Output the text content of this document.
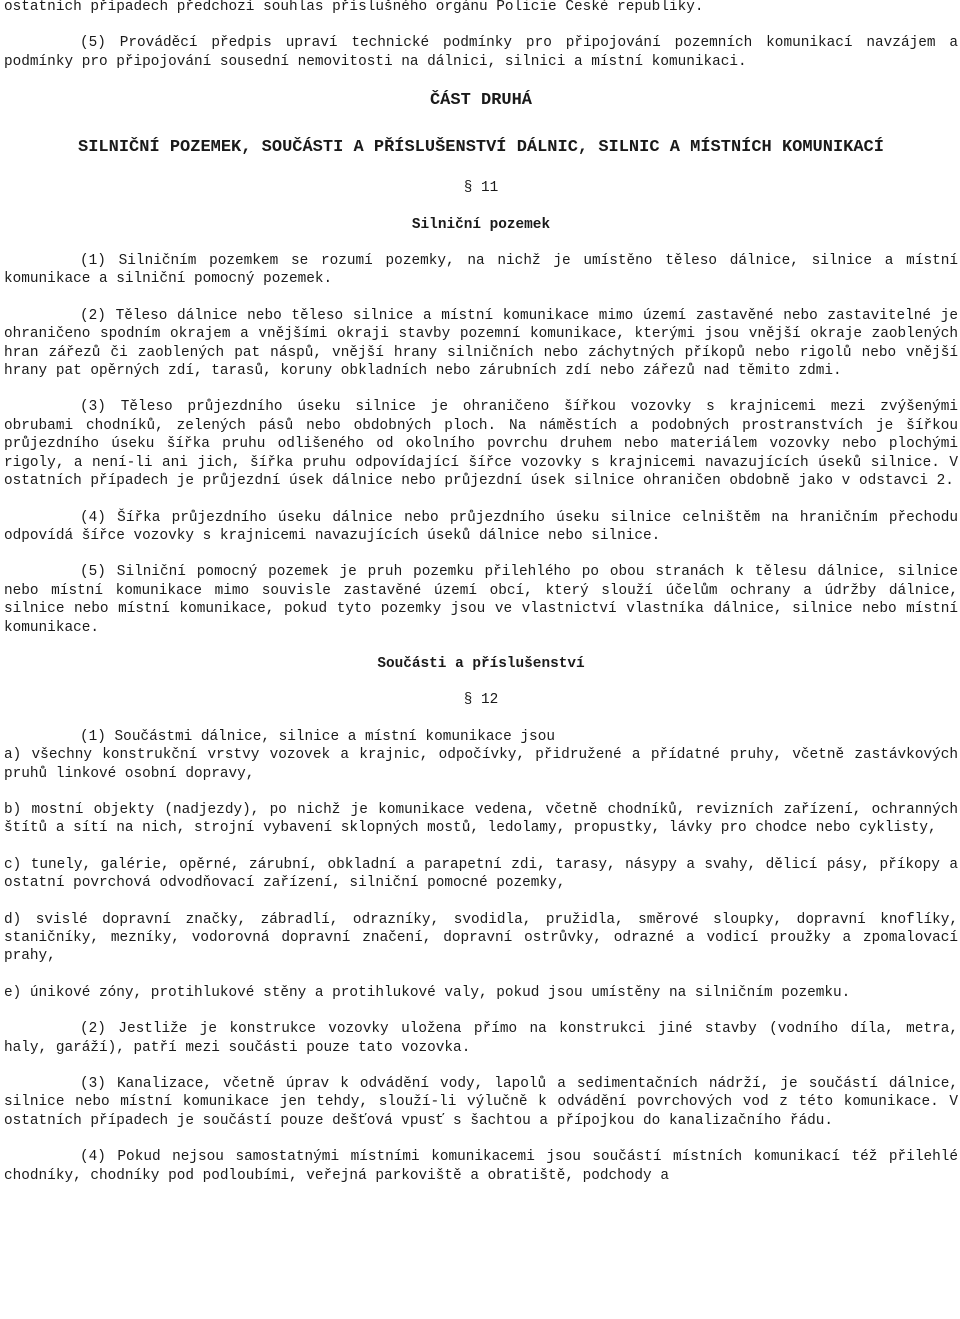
ostatních případech předchozí souhlas příslušného orgánu Policie České republiky.

(5) Prováděcí předpis upraví technické podmínky pro připojování pozemních komunikací navzájem a podmínky pro připojování sousední nemovitosti na dálnici, silnici a místní komunikaci.

ČÁST DRUHÁ
SILNIČNÍ POZEMEK, SOUČÁSTI A PŘÍSLUŠENSTVÍ DÁLNIC, SILNIC A MÍSTNÍCH KOMUNIKACÍ
§ 11
Silniční pozemek

(1) Silničním pozemkem se rozumí pozemky, na nichž je umístěno těleso dálnice, silnice a místní komunikace a silniční pomocný pozemek.

(2) Těleso dálnice nebo těleso silnice a místní komunikace mimo území zastavěné nebo zastavitelné je ohraničeno spodním okrajem a vnějšími okraji stavby pozemní komunikace, kterými jsou vnější okraje zaoblených hran zářezů či zaoblených pat náspů, vnější hrany silničních nebo záchytných příkopů nebo rigolů nebo vnější hrany pat opěrných zdí, tarasů, koruny obkladních nebo zárubních zdí nebo zářezů nad těmito zdmi.

(3) Těleso průjezdního úseku silnice je ohraničeno šířkou vozovky s krajnicemi mezi zvýšenými obrubami chodníků, zelených pásů nebo obdobných ploch. Na náměstích a podobných prostranstvích je šířkou průjezdního úseku šířka pruhu odlišeného od okolního povrchu druhem nebo materiálem vozovky nebo plochými rigoly, a není-li ani jich, šířka pruhu odpovídající šířce vozovky s krajnicemi navazujících úseků silnice. V ostatních případech je průjezdní úsek dálnice nebo průjezdní úsek silnice ohraničen obdobně jako v odstavci 2.

(4) Šířka průjezdního úseku dálnice nebo průjezdního úseku silnice celništěm na hraničním přechodu odpovídá šířce vozovky s krajnicemi navazujících úseků dálnice nebo silnice.

(5) Silniční pomocný pozemek je pruh pozemku přilehlého po obou stranách k tělesu dálnice, silnice nebo místní komunikace mimo souvisle zastavěné území obcí, který slouží účelům ochrany a údržby dálnice, silnice nebo místní komunikace, pokud tyto pozemky jsou ve vlastnictví vlastníka dálnice, silnice nebo místní komunikace.

Součásti a příslušenství
§ 12

(1) Součástmi dálnice, silnice a místní komunikace jsou

a) všechny konstrukční vrstvy vozovek a krajnic, odpočívky, přidružené a přídatné pruhy, včetně zastávkových pruhů linkové osobní dopravy,

b) mostní objekty (nadjezdy), po nichž je komunikace vedena, včetně chodníků, revizních zařízení, ochranných štítů a sítí na nich, strojní vybavení sklopných mostů, ledolamy, propustky, lávky pro chodce nebo cyklisty,

c) tunely, galérie, opěrné, zárubní, obkladní a parapetní zdi, tarasy, násypy a svahy, dělicí pásy, příkopy a ostatní povrchová odvodňovací zařízení, silniční pomocné pozemky,

d) svislé dopravní značky, zábradlí, odrazníky, svodidla, pružidla, směrové sloupky, dopravní knoflíky, staničníky, mezníky, vodorovná dopravní značení, dopravní ostrůvky, odrazné a vodicí proužky a zpomalovací prahy,

e) únikové zóny, protihlukové stěny a protihlukové valy, pokud jsou umístěny na silničním pozemku.

(2) Jestliže je konstrukce vozovky uložena přímo na konstrukci jiné stavby (vodního díla, metra, haly, garáží), patří mezi součásti pouze tato vozovka.

(3) Kanalizace, včetně úprav k odvádění vody, lapolů a sedimentačních nádrží, je součástí dálnice, silnice nebo místní komunikace jen tehdy, slouží-li výlučně k odvádění povrchových vod z této komunikace. V ostatních případech je součástí pouze dešťová vpusť s šachtou a přípojkou do kanalizačního řádu.

(4) Pokud nejsou samostatnými místními komunikacemi jsou součástí místních komunikací též přilehlé chodníky, chodníky pod podloubími, veřejná parkoviště a obratiště, podchody a
